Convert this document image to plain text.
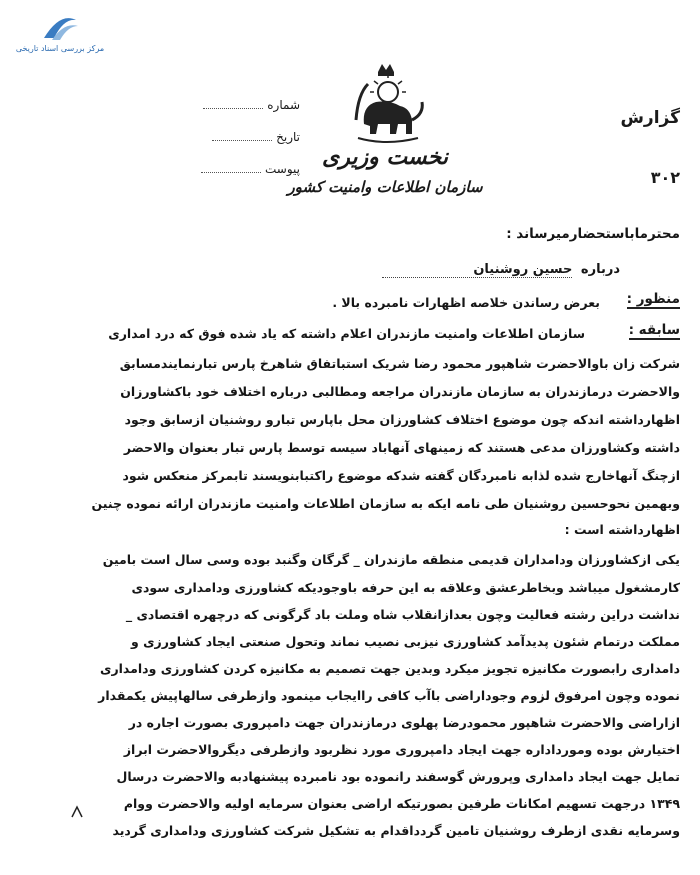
مرکز بررسی اسناد تاریخی
شماره
تاریخ
پیوست	نخست وزیری
سازمان اطلاعات وامنیت کشور
گزارش
۳۰۲
محترماباستحضارمیرساند :
درباره حسین روشنیان
منظور :
سابقه :
بعرض رساندن خلاصه اظهارات نامبرده بالا .
سازمان اطلاعات وامنیت مازندران اعلام داشته که یاد شده فوق که درد امداری
شرکت زان باوالاحضرت شاهپور محمود رضا شریک استباتفاق شاهرخ پارس تبارنمایندمسابق
والاحضرت درمازندران به سازمان مازندران مراجعه ومطالبی درباره اختلاف خود باکشاورزان
اظهارداشته اندکه چون موضوع اختلاف کشاورزان محل باپارس تبارو روشنیان ازسابق وجود
داشته وکشاورزان مدعی هستند که زمینهای آنهاباد سیسه توسط پارس تبار بعنوان والاحضر
ازچنگ آنهاخارج شده لذابه نامبردگان گفته شدکه موضوع راکتبابنویسند تابمرکز منعکس شود
وبهمین نحوحسین روشنیان طی نامه ایکه به سازمان اطلاعات وامنیت مازندران ارائه نموده چنین
اظهارداشته است :
یکی ازکشاورزان ودامداران قدیمی منطقه مازندران _ گرگان وگنبد بوده وسی سال است بامین
کارمشغول میباشد وبخاطرعشق وعلاقه به این حرفه باوجودیکه کشاورزی ودامداری سودی
نداشت دراین رشته فعالیت وچون بعدازانقلاب شاه وملت باد گرگونی که درچهره اقتصادی _
مملکت درتمام شئون پدیدآمد کشاورزی نیزبی نصیب نماند وتحول صنعتی ایجاد کشاورزی و
دامداری رابصورت مکانیزه تجویز میکرد وبدین جهت تصمیم به مکانیزه کردن کشاورزی ودامداری
نموده وچون امرفوق لزوم وجوداراضی باآب کافی راایجاب مینمود وازطرفی سالهاپیش یکمقدار
ازاراضی والاحضرت شاهپور محمودرضا پهلوی درمازندران جهت دامپروری بصورت اجاره در
اختیارش بوده ومورداداره جهت ایجاد دامپروری مورد نظربود وازطرفی دیگروالاحضرت ابراز
تمایل جهت ایجاد دامداری وپرورش گوسفند رانموده بود نامبرده پیشنهادبه والاحضرت درسال
۱۳۴۹ درجهت تسهیم امکانات طرفین بصورتیکه اراضی بعنوان سرمایه اولیه والاحضرت ووام
وسرمایه نقدی ازطرف روشنیان تامین گردداقدام به تشکیل شرکت کشاورزی ودامداری گردید
